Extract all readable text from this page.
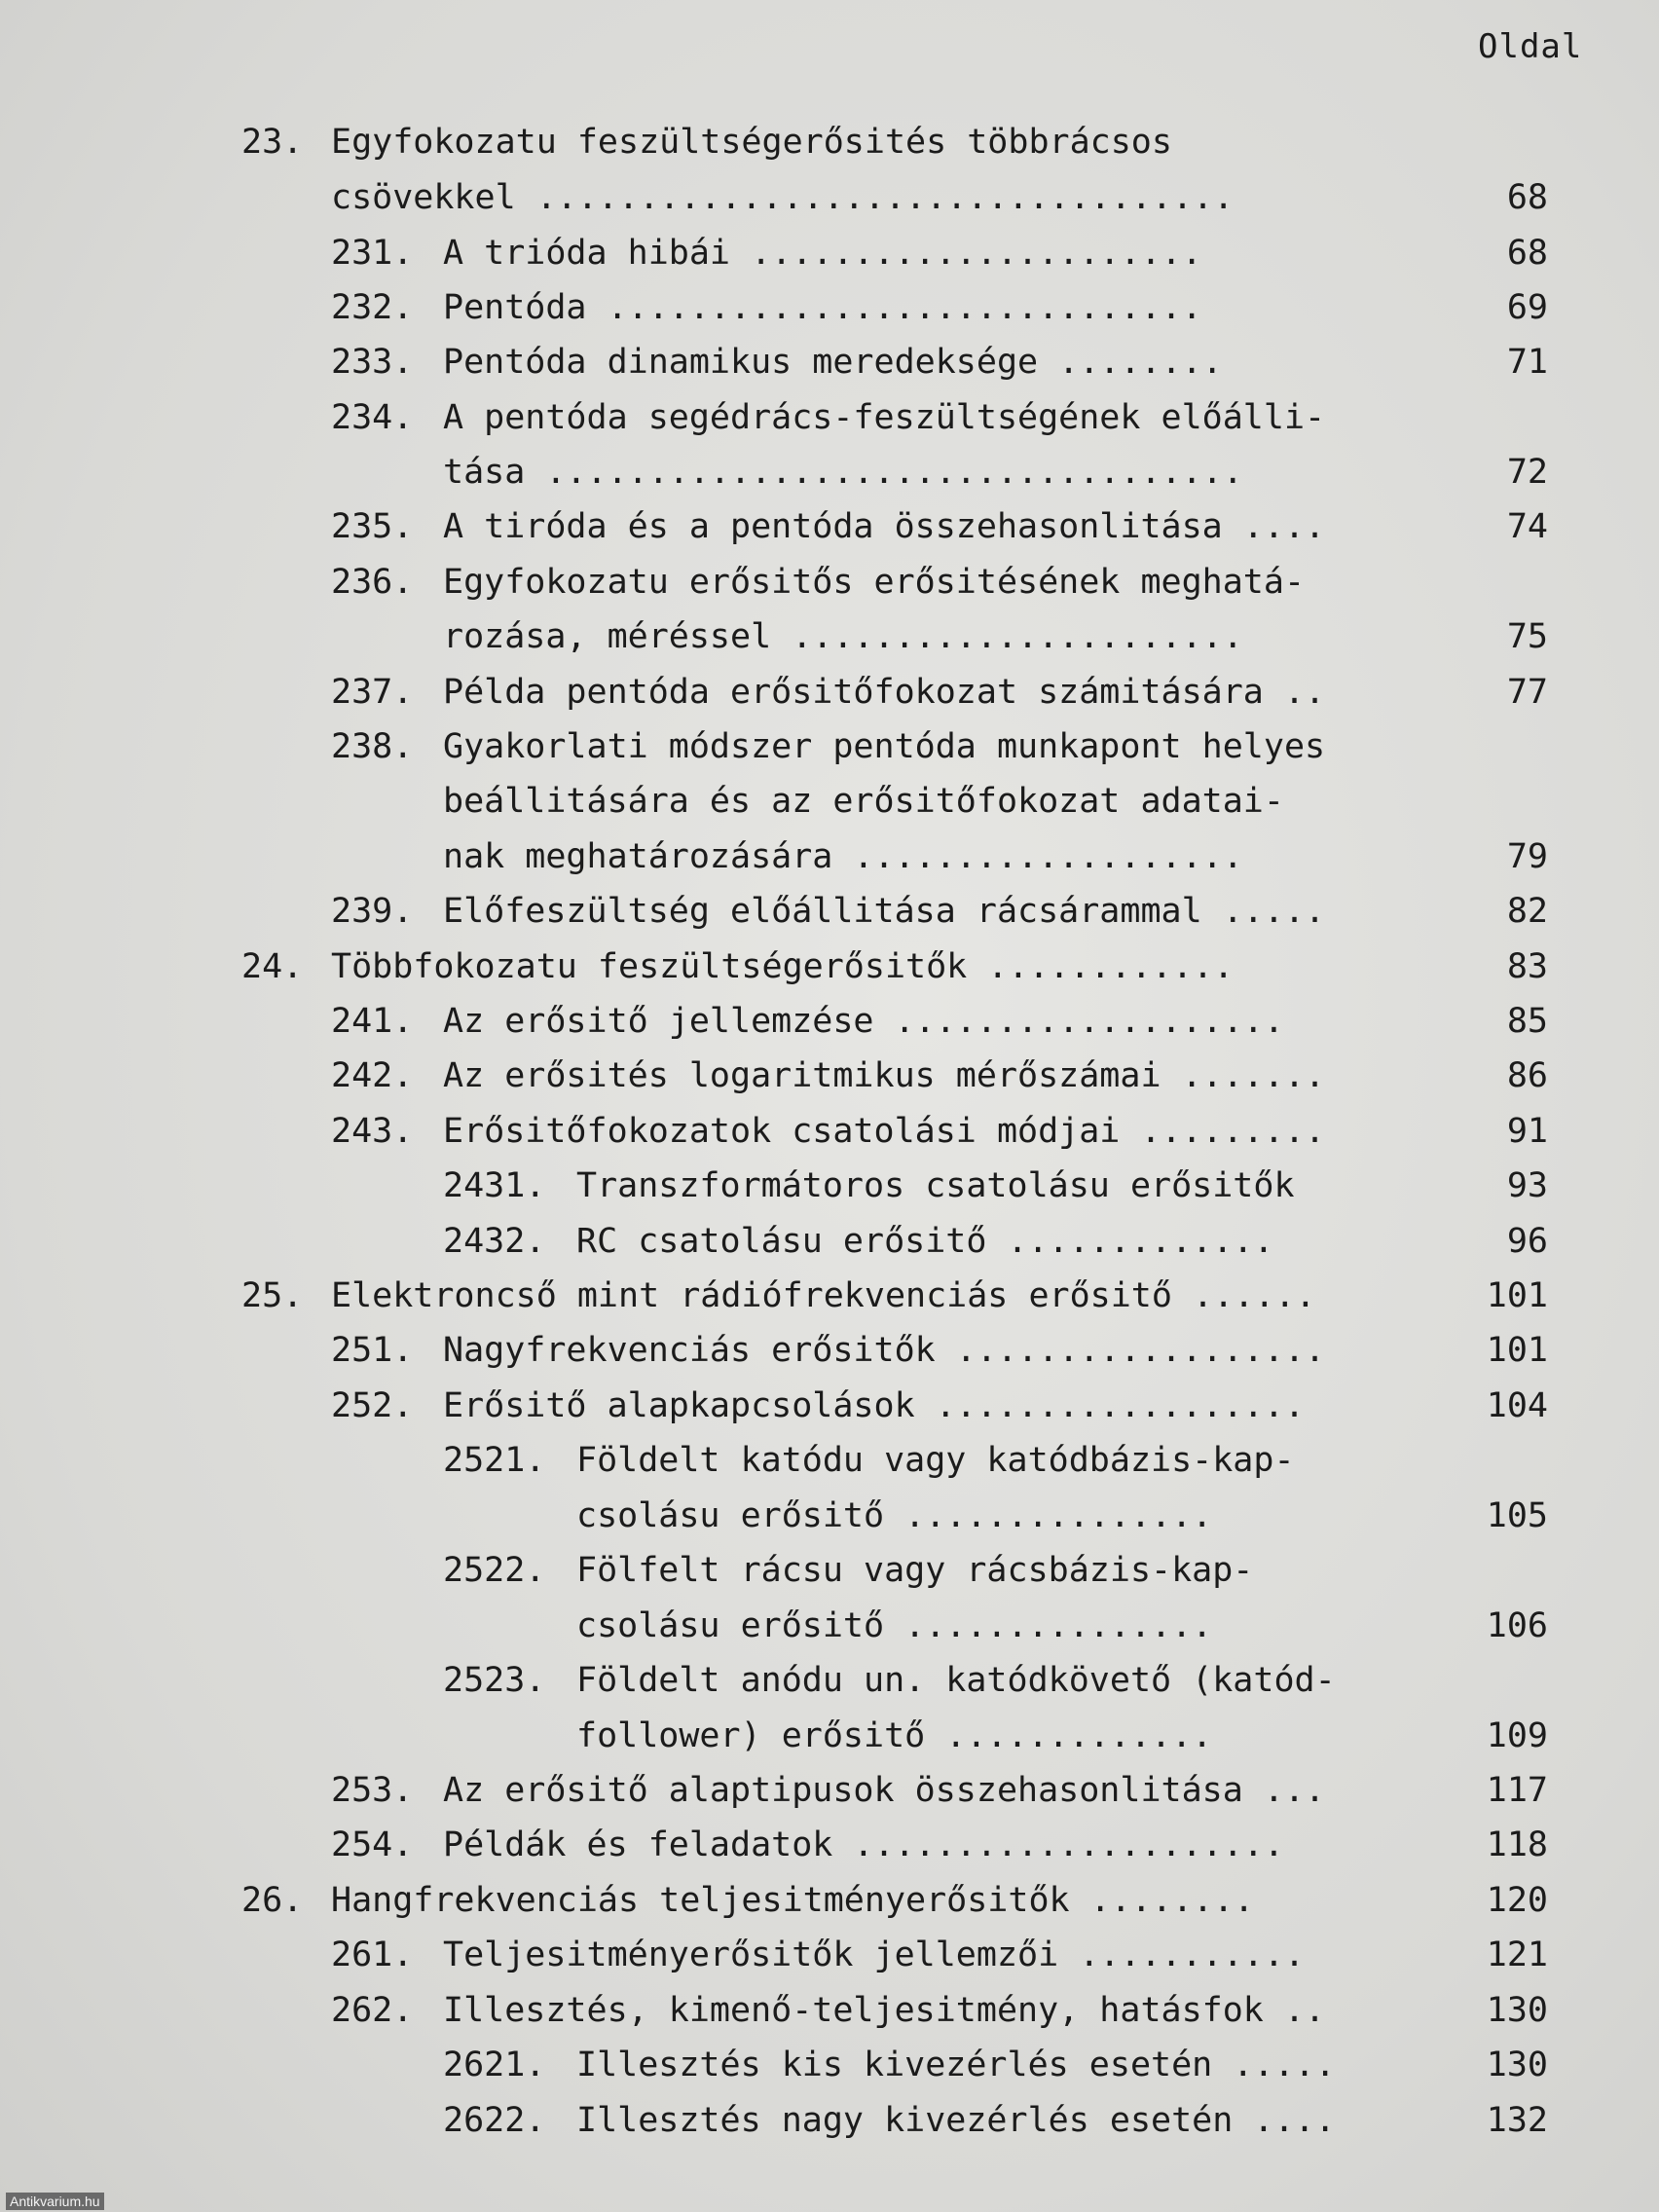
Oldal
23. Egyfokozatu feszültségerősités többrácsos
csövekkel ..................................	68
231. A trióda hibái ......................	68
232. Pentóda .............................	69
233. Pentóda dinamikus meredeksége ........	71
234. A pentóda segédrács-feszültségének előálli-
tása ..................................	72
235. A tiróda és a pentóda összehasonlitása ....	74
236. Egyfokozatu erősitős erősitésének meghatá-
rozása, méréssel ......................	75
237. Példa pentóda erősitőfokozat számitására ..	77
238. Gyakorlati módszer pentóda munkapont helyes
beállitására és az erősitőfokozat adatai-
nak meghatározására ...................	79
239. Előfeszültség előállitása rácsárammal .....	82
24. Többfokozatu feszültségerősitők ............	83
241. Az erősitő jellemzése ...................	85
242. Az erősités logaritmikus mérőszámai .......	86
243. Erősitőfokozatok csatolási módjai .........	91
2431. Transzformátoros csatolásu erősitők	93
2432. RC csatolásu erősitő .............	96
25. Elektroncső mint rádiófrekvenciás erősitő ......	101
251. Nagyfrekvenciás erősitők ..................	101
252. Erősitő alapkapcsolások ..................	104
2521. Földelt katódu vagy katódbázis-kap-
csolásu erősitő ...............	105
2522. Fölfelt rácsu vagy rácsbázis-kap-
csolásu erősitő ...............	106
2523. Földelt anódu un. katódkövető (katód-
follower) erősitő .............	109
253. Az erősitő alaptipusok összehasonlitása ...	117
254. Példák és feladatok .....................	118
26. Hangfrekvenciás teljesitményerősitők ........	120
261. Teljesitményerősitők jellemzői ...........	121
262. Illesztés, kimenő-teljesitmény, hatásfok ..	130
2621. Illesztés kis kivezérlés esetén .....	130
2622. Illesztés nagy kivezérlés esetén ....	132
Antikvarium.hu
